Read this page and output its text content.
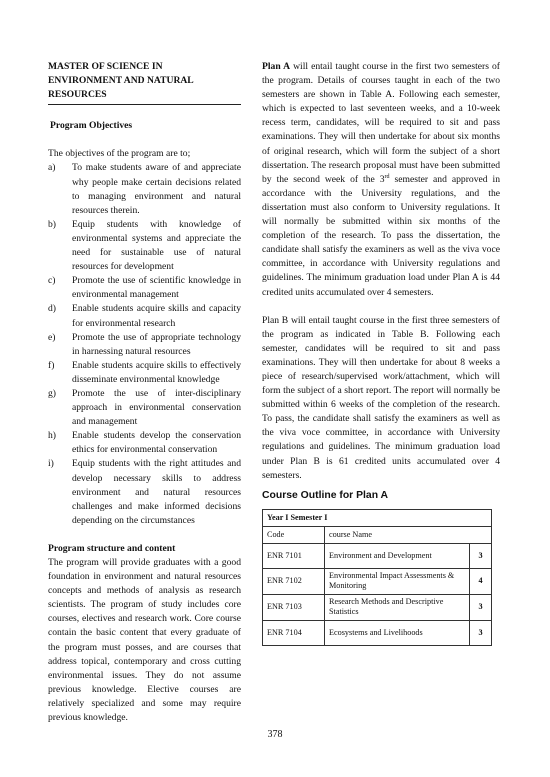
MASTER OF SCIENCE IN
ENVIRONMENT AND NATURAL
RESOURCES
Program Objectives
The objectives of the program are to;
a)	To make students aware of and appreciate why people make certain decisions related to managing environment and natural resources therein.
b)	Equip students with knowledge of environmental systems and appreciate the need for sustainable use of natural resources for development
c)	Promote the use of scientific knowledge in environmental management
d)	Enable students acquire skills and capacity for environmental research
e)	Promote the use of appropriate technology in harnessing natural resources
f)	Enable students acquire skills to effectively disseminate environmental knowledge
g)	Promote the use of inter-disciplinary approach in environmental conservation and management
h)	Enable students develop the conservation ethics for environmental conservation
i)	Equip students with the right attitudes and develop necessary skills to address environment and natural resources challenges and make informed decisions depending on the circumstances
Program structure and content
The program will provide graduates with a good foundation in environment and natural resources concepts and methods of analysis as research scientists. The program of study includes core courses, electives and research work. Core course contain the basic content that every graduate of the program must posses, and are courses that address topical, contemporary and cross cutting environmental issues. They do not assume previous knowledge. Elective courses are relatively specialized and some may require previous knowledge.
Plan A will entail taught course in the first two semesters of the program. Details of courses taught in each of the two semesters are shown in Table A. Following each semester, which is expected to last seventeen weeks, and a 10-week recess term, candidates, will be required to sit and pass examinations. They will then undertake for about six months of original research, which will form the subject of a short dissertation. The research proposal must have been submitted by the second week of the 3rd semester and approved in accordance with the University regulations, and the dissertation must also conform to University regulations. It will normally be submitted within six months of the completion of the research. To pass the dissertation, the candidate shall satisfy the examiners as well as the viva voce committee, in accordance with University regulations and guidelines. The minimum graduation load under Plan A is 44 credited units accumulated over 4 semesters.
Plan B will entail taught course in the first three semesters of the program as indicated in Table B. Following each semester, candidates will be required to sit and pass examinations. They will then undertake for about 8 weeks a piece of research/supervised work/attachment, which will form the subject of a short report. The report will normally be submitted within 6 weeks of the completion of the research. To pass, the candidate shall satisfy the examiners as well as the viva voce committee, in accordance with University regulations and guidelines. The minimum graduation load under Plan B is 61 credited units accumulated over 4 semesters.
Course Outline for Plan A
Year I Semester I		
Code	course Name	
ENR 7101	Environment and Development	3
ENR 7102	Environmental Impact Assessments & Monitoring	4
ENR 7103	Research Methods and Descriptive Statistics	3
ENR 7104	Ecosystems and Livelihoods	3
378
